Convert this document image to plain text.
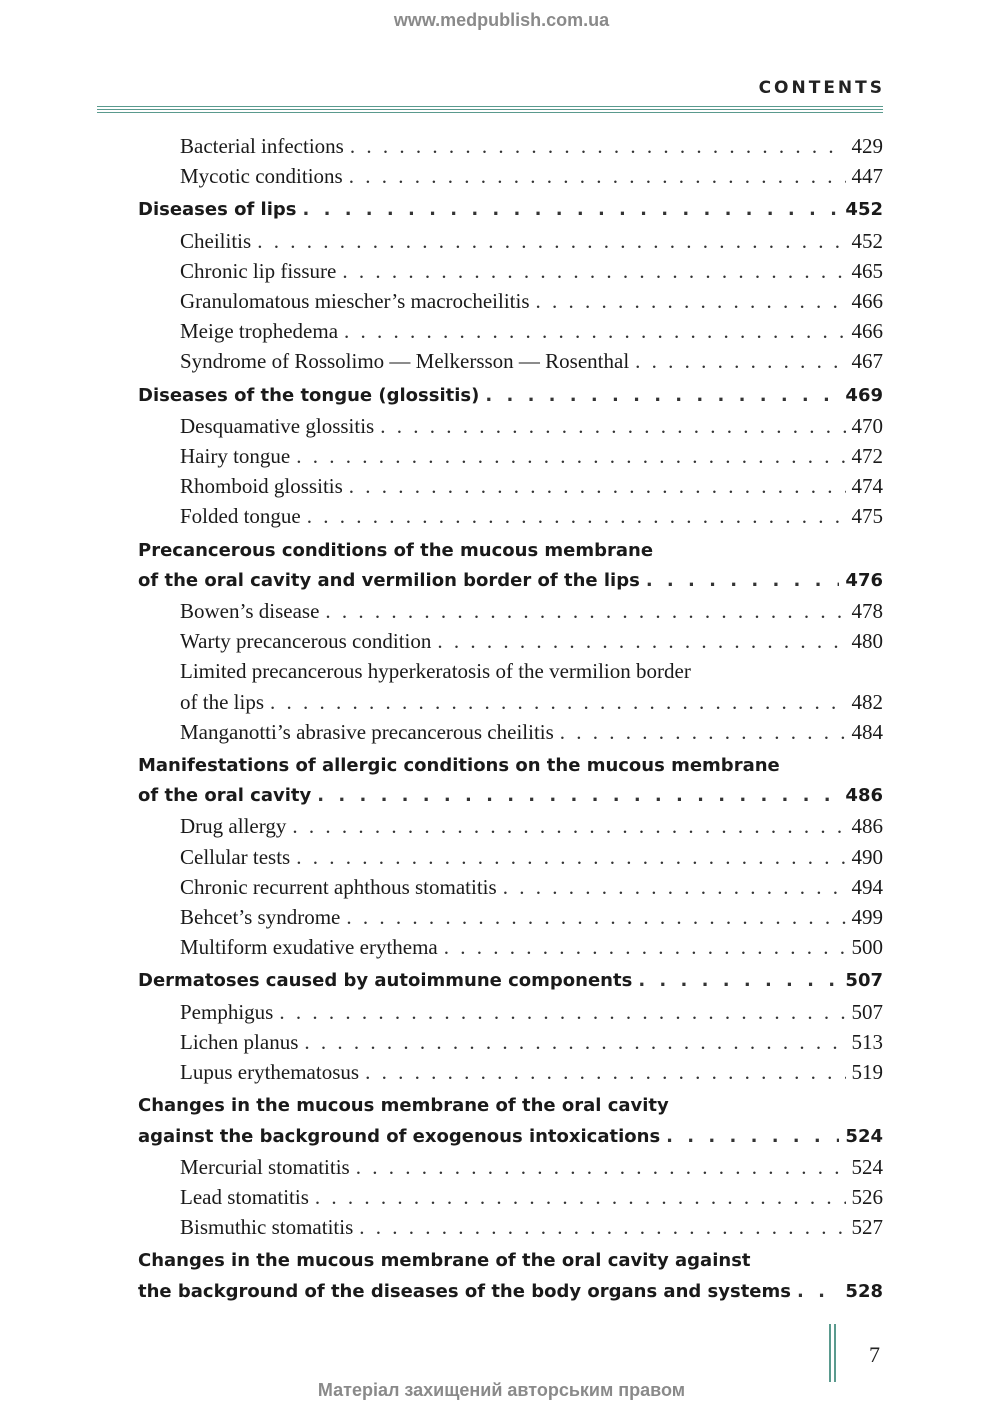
www.medpublish.com.ua
CONTENTS
Bacterial infections . . .	429
Mycotic conditions . . .	447
Diseases of lips . . .	452
Cheilitis . . .	452
Chronic lip fissure . . .	465
Granulomatous miescher’s macrocheilitis . . .	466
Meige trophedema . . .	466
Syndrome of Rossolimo — Melkersson — Rosenthal . . .	467
Diseases of the tongue (glossitis) . . .	469
Desquamative glossitis . . .	470
Hairy tongue . . .	472
Rhomboid glossitis . . .	474
Folded tongue . . .	475
Precancerous conditions of the mucous membrane
of the oral cavity and vermilion border of the lips . . .	476
Bowen’s disease . . .	478
Warty precancerous condition . . .	480
Limited precancerous hyperkeratosis of the vermilion border
of the lips . . .	482
Manganotti’s abrasive precancerous cheilitis . . .	484
Manifestations of allergic conditions on the mucous membrane
of the oral cavity . . .	486
Drug allergy . . .	486
Cellular tests . . .	490
Chronic recurrent aphthous stomatitis . . .	494
Behcet’s syndrome . . .	499
Multiform exudative erythema . . .	500
Dermatoses caused by autoimmune components . . .	507
Pemphigus . . .	507
Lichen planus . . .	513
Lupus erythematosus . . .	519
Changes in the mucous membrane of the oral cavity
against the background of exogenous intoxications . . .	524
Mercurial stomatitis . . .	524
Lead stomatitis . . .	526
Bismuthic stomatitis . . .	527
Changes in the mucous membrane of the oral cavity against
the background of the diseases of the body organs and systems . . .	528
7
Матеріал захищений авторським правом
